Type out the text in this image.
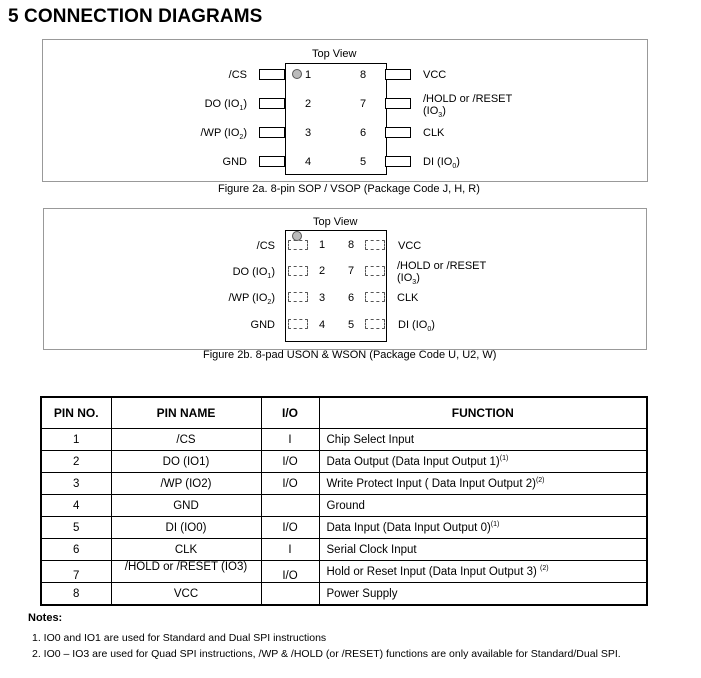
5 CONNECTION DIAGRAMS
Top View
1
2
3
4
8
7
6
5
/CS
DO $(IO_1)$
/WP $(IO_2)$
GND
VCC
/HOLD or /RESET
$(IO_3)$
CLK
DI $(IO_0)$
Figure 2a. 8-pin SOP / VSOP (Package Code J, H, R)
Top View
1
2
3
4
8
7
6
5
/CS
DO $(IO_1)$
/WP $(IO_2)$
GND
VCC
/HOLD or /RESET
$(IO_3)$
CLK
DI $(IO_0)$
Figure 2b. 8-pad USON & WSON (Package Code U, U2, W)
PIN NO.	PIN NAME	I/O	FUNCTION
1	/CS	I	Chip Select Input
2	DO (IO1)	I/O	Data Output (Data Input Output 1)$^{(1)}$
3	/WP (IO2)	I/O	Write Protect Input ( Data Input Output 2)$^{(2)}$
4	GND		Ground
5	DI (IO0)	I/O	Data Input (Data Input Output 0)$^{(1)}$
6	CLK	I	Serial Clock Input
7	/HOLD or /RESET (IO3)	I/O	Hold or Reset Input (Data Input Output 3) $^{(2)}$
8	VCC		Power Supply
Notes:
1. IO0 and IO1 are used for Standard and Dual SPI instructions
2. IO0 – IO3 are used for Quad SPI instructions, /WP & /HOLD (or /RESET) functions are only available for Standard/Dual SPI.
